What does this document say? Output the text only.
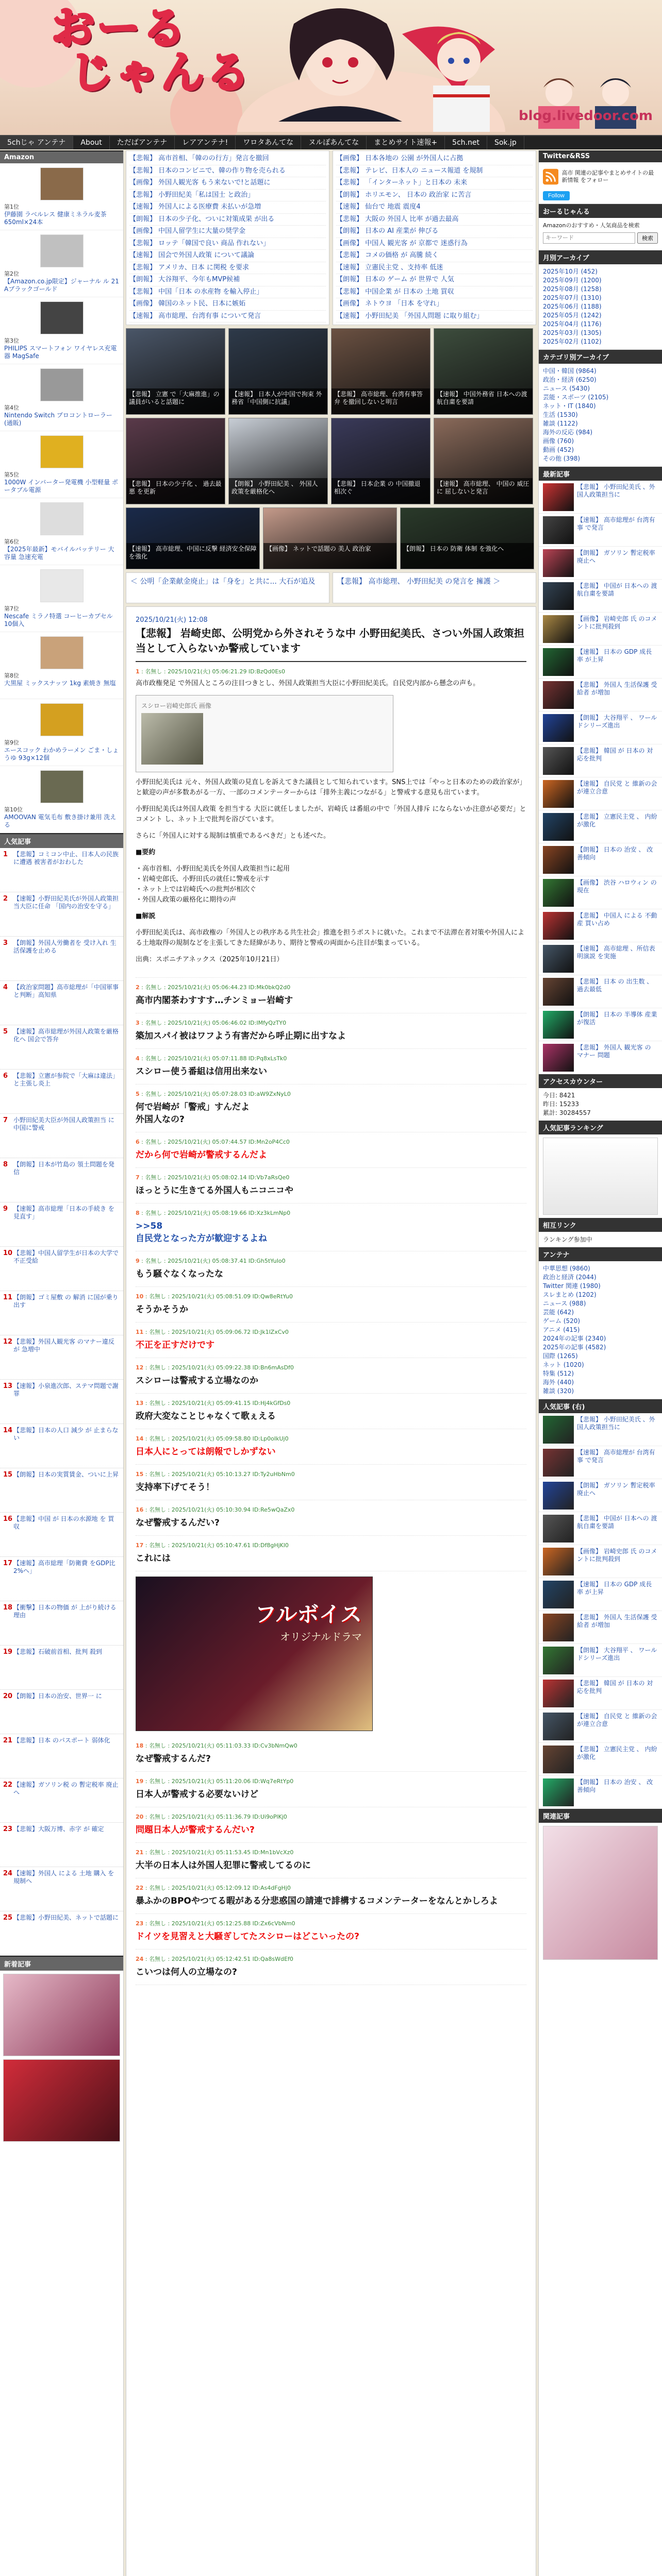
おーる
じゃんる
blog.livedoor.com
5chじゃ アンテナ	About	ただばアンテナ	レアアンテナ!	ワロタあんてな	ヌルぽあんてな	まとめサイト速報+	5ch.net	Sok.jp
Amazon
第1位
伊藤園 ラベルレス 健康ミネラル麦茶 650ml×24本
第2位
【Amazon.co.jp限定】ジャーナル ル 21 Aブラックゴールド
第3位
PHILIPS スマートフォン ワイヤレス充電器 MagSafe
第4位
Nintendo Switch プロコントローラー(通販)
第5位
1000W インバーター発電機 小型軽量 ポータブル電源
第6位
【2025年最新】モバイルバッテリー 大容量 急速充電
第7位
Nescafe ミラノ特選 コーヒーカプセル 10個入
第8位
大黒屋 ミックスナッツ 1kg 素焼き 無塩
第9位
エースコック わかめラーメン ごま・しょうゆ 93g×12個
第10位
AMOOVAN 電気毛布 敷き掛け兼用 洗える
人気記事
1 【悲報】コミコン中止、日本人の民族に遭遇 被害者がおわした
2 【速報】小野田紀美氏が外国人政策担当大臣に任命 「国内の治安を守る」
3 【朗報】外国人労働者を 受け入れ 生活保護を止める
4 【政治家問題】高市総理が「中国軍事 と判断」高知県
5 【速報】高市総理が外国人政策を厳格化へ 国会で答弁
6 【悲報】立憲が参院で「大麻は違法」と主張し炎上
7 小野田紀美大臣が外国人政策担当 に 中国に警戒
8 【朗報】日本が竹島の 領土問題を発信
9 【速報】高市総理「日本の手続き を 見直す」
10 【悲報】中国人留学生が日本の大学で 不正受給
11 【朗報】ゴミ屋敷 の 解消 に国が乗り出す
12 【悲報】外国人観光客 のマナー違反 が 急増中
13 【速報】小泉進次郎、ステマ問題で謝罪
14 【悲報】日本の人口 減少 が 止まらない
15 【朗報】日本の実質賃金、ついに上昇
16 【悲報】中国 が 日本の水源地 を 買収
17 【速報】高市総理「防衛費 をGDP比2%へ」
18 【衝撃】日本の物価 が 上がり続ける 理由
19 【悲報】石破前首相、批判 殺到
20 【朗報】日本の治安、世界一 に
21 【悲報】日本 のパスポート 弱体化
22 【速報】ガソリン税 の 暫定税率 廃止 へ
23 【悲報】大阪万博、赤字 が 確定
24 【速報】外国人 による 土地 購入 を規制へ
25 【悲報】小野田紀美、ネットで話題に
新着記事
【悲報】 高市首相、「韓のの行方」発言を撤回
【悲報】 日本のコンビニで、韓の作り物を売られる
【画像】 外国人観光客 もう来ないで!と話題に
【悲報】 小野田紀美「私は国士 と政治」
【速報】 外国人による医療費 未払いが急増
【朗報】 日本の少子化、ついに対策成果 が出る
【画像】 中国人留学生に大量の奨学金
【悲報】 ロッテ「韓国で良い 商品 作れない」
【速報】 国会で外国人政策 について議論
【悲報】 アメリカ、日本 に関税 を要求
【朗報】 大谷翔平、今年もMVP候補
【悲報】 中国「日本 の水産物 を輸入停止」
【画像】 韓国のネット民、日本に嫉妬
【速報】 高市総理、台湾有事 について発言
【画像】 日本各地の 公園 が外国人に占拠
【悲報】 テレビ、日本人の ニュース報道 を規制
【悲報】 「インターネット」と日本の 未来
【朗報】 ホリエモン、 日本の 政治家 に苦言
【速報】 仙台で 地震 震度4
【悲報】 大阪の 外国人 比率 が過去最高
【朗報】 日本の AI 産業が 伸びる
【画像】 中国人 観光客 が 京都で 迷惑行為
【悲報】 コメの価格 が 高騰 続く
【速報】 立憲民主党 、支持率 低迷
【朗報】 日本の ゲーム が 世界で 人気
【悲報】 中国企業 が 日本の 土地 買収
【画像】 ネトウヨ 「日本 を守れ」
【速報】 小野田紀美 「外国人問題 に取り組む」
【悲報】 立憲 で「大麻推進」の議員がいると話題に
【速報】 日本人が中国で拘束 外務省「中国側に抗議」
【悲報】 高市総理、台湾有事答弁 を撤回しないと明言
【速報】 中国外務省 日本への渡航自粛を要請
【悲報】 日本の少子化 、 過去最悪 を更新
【朗報】 小野田紀美 、 外国人 政策を厳格化へ
【悲報】 日本企業 の 中国撤退 相次ぐ
【速報】 高市総理、 中国の 威圧に 屈しないと発言
【速報】 高市総理、中国に反撃 経済安全保障を強化
【画像】 ネットで話題の 美人 政治家	【朗報】 日本の 防衛 体制 を強化へ
＜ 公明「企業献金廃止」は「身を」と共に... 大石が追及	【悲報】 高市総理、 小野田紀美 の発言を 擁護 ＞
2025/10/21(火) 12:08
【悲報】 岩崎史郎、公明党から外されそうな中 小野田紀美氏、さつい外国人政策担当として入らないか警戒しています
1 : 名無し : 2025/10/21(火) 05:06:21.29 ID:BzQd0Es0

高市政権発足 で外国人ところの注目つきとし、外国人政策担当大臣に小野田紀美氏。自民党内部から懸念の声も。

スシロー岩崎史郎氏 画像

小野田紀美氏は 元々、外国人政策の見直しを訴えてきた議員として知られています。SNS上では「やっと日本のための政治家が」と歓迎の声が多数あがる一方、一部のコメンテーターからは「排外主義につながる」と警戒する意見も出ています。

小野田紀美氏は外国人政策 を担当する 大臣に就任しましたが、岩崎氏 は番組の中で「外国人排斥 にならないか注意が必要だ」とコメント し、ネット上で批判を浴びています。

さらに「外国人に対する規制は慎重であるべきだ」とも述べた。

■要約

・高市首相、小野田紀美氏を外国人政策担当に起用
・岩崎史郎氏、小野田氏の就任に警戒を示す
・ネット上では岩崎氏への批判が相次ぐ
・外国人政策の厳格化に期待の声

■解説

小野田紀美氏は、高市政権の「外国人との秩序ある共生社会」推進を担うポストに就いた。これまで不法滞在者対策や外国人による土地取得の規制などを主張してきた経緯があり、期待と警戒の両面から注目が集まっている。

出典：スポニチアネックス（2025年10月21日）

2 : 名無し : 2025/10/21(火) 05:06:44.23 ID:Mk0bkQ2d0
高市内閣茶わすすす…チンミョー岩崎す
3 : 名無し : 2025/10/21(火) 05:06:46.02 ID:IMfyQzTY0
築加スパイ被はワフよう有害だから呼止期に出すなよ
4 : 名無し : 2025/10/21(火) 05:07:11.88 ID:Pq8xLsTk0
スシロー使う番組は信用出来ない
5 : 名無し : 2025/10/21(火) 05:07:28.03 ID:aW9ZxNyL0
何で岩崎が「警戒」すんだよ
外国人なの?
6 : 名無し : 2025/10/21(火) 05:07:44.57 ID:Mn2oP4Cc0
だから何で岩崎が警戒するんだよ
7 : 名無し : 2025/10/21(火) 05:08:02.14 ID:Vb7aRsQe0
ほっとうに生きてる外国人もニコニコや
8 : 名無し : 2025/10/21(火) 05:08:19.66 ID:Xz3kLmNp0
>>58
自民党となった方が歓迎するよね
9 : 名無し : 2025/10/21(火) 05:08:37.41 ID:Gh5tYuIo0
もう騒ぐなくなったな
10 : 名無し : 2025/10/21(火) 05:08:51.09 ID:Qw8eRtYu0
そうかそうか
11 : 名無し : 2025/10/21(火) 05:09:06.72 ID:Jk1lZxCv0
不正を正すだけです
12 : 名無し : 2025/10/21(火) 05:09:22.38 ID:Bn6mAsDf0
スシローは警戒する立場なのか
13 : 名無し : 2025/10/21(火) 05:09:41.15 ID:Hj4kGfDs0
政府大変なことじゃなくて歌ぇえる
14 : 名無し : 2025/10/21(火) 05:09:58.80 ID:Lp0oIkUj0
日本人にとっては朗報でしかずない
15 : 名無し : 2025/10/21(火) 05:10:13.27 ID:Ty2uHbNm0
支持率下げてそう！
16 : 名無し : 2025/10/21(火) 05:10:30.94 ID:Re5wQaZx0
なぜ警戒するんだい?
17 : 名無し : 2025/10/21(火) 05:10:47.61 ID:Df8gHjKl0
これには
フルボイス
オリジナルドラマ
18 : 名無し : 2025/10/21(火) 05:11:03.33 ID:Cv3bNmQw0
なぜ警戒するんだ?
19 : 名無し : 2025/10/21(火) 05:11:20.06 ID:Wq7eRtYp0
日本人が警戒する必要ないけど
20 : 名無し : 2025/10/21(火) 05:11:36.79 ID:Ui9oPlKj0
問題日本人が警戒するんだい?
21 : 名無し : 2025/10/21(火) 05:11:53.45 ID:Mn1bVcXz0
大半の日本人は外国人犯罪に警戒してるのに
22 : 名無し : 2025/10/21(火) 05:12:09.12 ID:As4dFgHj0
暴ふかのBPOやつてる暇がある分悲惑国の請連で誹構するコメンテーターをなんとかしろよ
23 : 名無し : 2025/10/21(火) 05:12:25.88 ID:Zx6cVbNm0
ドイツを見習えと大騒ぎしてたスシローはどこいったの?
24 : 名無し : 2025/10/21(火) 05:12:42.51 ID:Qa8sWdEf0
こいつは何人の立場なの?
Twitter&RSS
高市 関連の記事やまとめサイトの最新情報 をフォロー
Follow
おーるじゃんる
Amazonのおすすめ・人気商品を検索
キーワード
検索
月別アーカイブ
2025年10月 (452)
2025年09月 (1200)
2025年08月 (1258)
2025年07月 (1310)
2025年06月 (1188)
2025年05月 (1242)
2025年04月 (1176)
2025年03月 (1305)
2025年02月 (1102)
カテゴリ別アーカイブ
中国・韓国 (9864)
政治・経済 (6250)
ニュース (5430)
芸能・スポーツ (2105)
ネット・IT (1840)
生活 (1530)
雑談 (1122)
海外の反応 (984)
画像 (760)
動画 (452)
その他 (398)
最新記事
【悲報】 小野田紀美氏 、外国人政策担当に
【速報】 高市総理が 台湾有事 で発言
【朗報】 ガソリン 暫定税率 廃止へ
【悲報】 中国が 日本への 渡航自粛を要請
【画像】 岩崎史郎 氏 のコメントに批判殺到
【速報】 日本の GDP 成長率 が上昇
【悲報】 外国人 生活保護 受給者 が増加
【朗報】 大谷翔平 、 ワールドシリーズ進出
【悲報】 韓国 が 日本の 対応を批判
【速報】 自民党 と 維新の会 が連立合意
【悲報】 立憲民主党 、 内紛 が激化
【朗報】 日本の 治安 、 改善傾向
【画像】 渋谷 ハロウィン の 現在
【悲報】 中国人 による 不動産 買い占め
【速報】 高市総理 、所信表明演説 を実施
【悲報】 日本 の 出生数 、 過去最低
【朗報】 日本の 半導体 産業 が復活
【悲報】 外国人 観光客 の マナー 問題
アクセスカウンター
今日: 8421
昨日: 15233
累計: 30284557
人気記事ランキング
相互リンク
ランキング参加中
アンテナ
中華思想 (9860)
政治と経済 (2044)
Twitter 関連 (1980)
スレまとめ (1202)
ニュース (988)
芸能 (642)
ゲーム (520)
アニメ (415)
2024年の記事 (2340)
2025年の記事 (4582)
国際 (1265)
ネット (1020)
特集 (512)
海外 (440)
雑談 (320)
人気記事 (右)
【悲報】 小野田紀美氏 、外国人政策担当に
【速報】 高市総理が 台湾有事 で発言
【朗報】 ガソリン 暫定税率 廃止へ
【悲報】 中国が 日本への 渡航自粛を要請
【画像】 岩崎史郎 氏 のコメントに批判殺到
【速報】 日本の GDP 成長率 が上昇
【悲報】 外国人 生活保護 受給者 が増加
【朗報】 大谷翔平 、 ワールドシリーズ進出
【悲報】 韓国 が 日本の 対応を批判
【速報】 自民党 と 維新の会 が連立合意
【悲報】 立憲民主党 、 内紛 が激化
【朗報】 日本の 治安 、 改善傾向
関連記事
